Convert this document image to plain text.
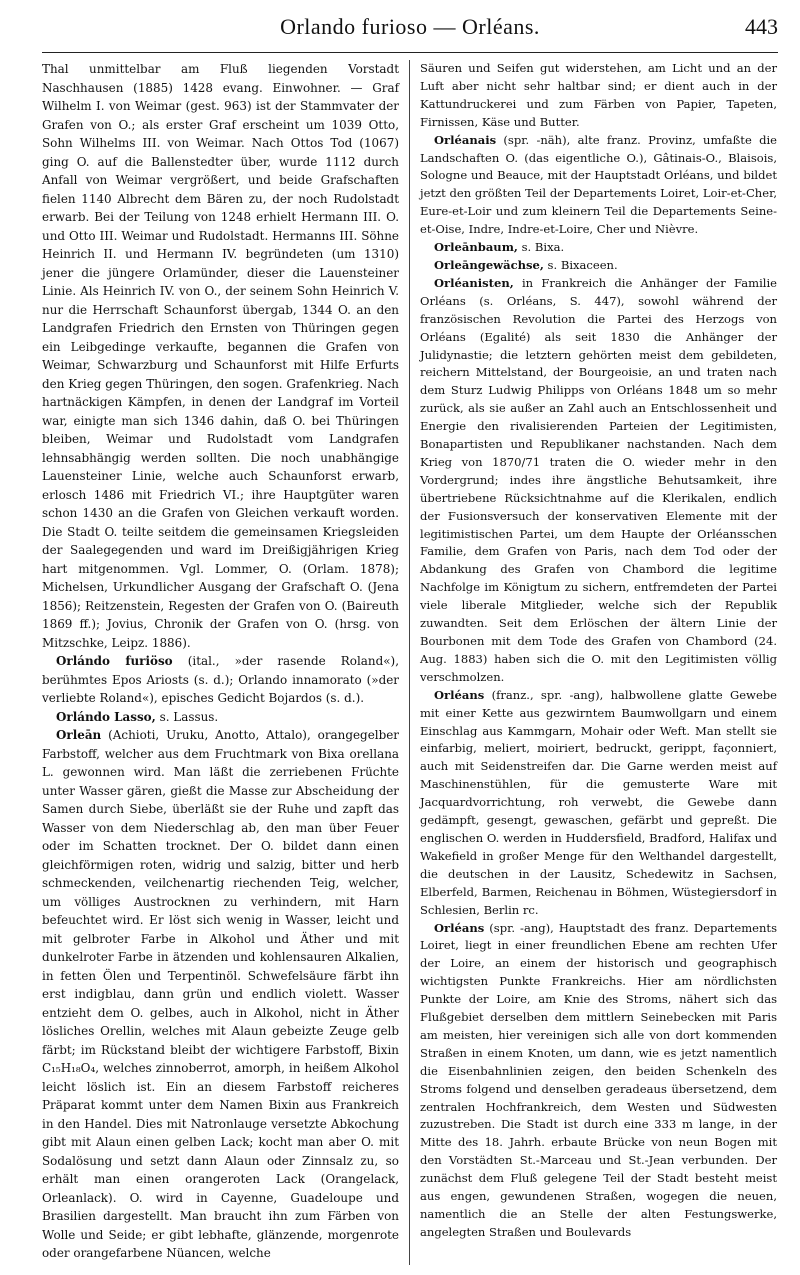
Orlando furioso — Orléans.	443

Thal unmittelbar am Fluß liegenden Vorstadt Naschhausen (1885) 1428 evang. Einwohner. — Graf Wilhelm I. von Weimar (gest. 963) ist der Stammvater der Grafen von O.; als erster Graf erscheint um 1039 Otto, Sohn Wilhelms III. von Weimar. Nach Ottos Tod (1067) ging O. auf die Ballenstedter über, wurde 1112 durch Anfall von Weimar vergrößert, und beide Grafschaften fielen 1140 Albrecht dem Bären zu, der noch Rudolstadt erwarb. Bei der Teilung von 1248 erhielt Hermann III. O. und Otto III. Weimar und Rudolstadt. Hermanns III. Söhne Heinrich II. und Hermann IV. begründeten (um 1310) jener die jüngere Orlamünder, dieser die Lauensteiner Linie. Als Heinrich IV. von O., der seinem Sohn Heinrich V. nur die Herrschaft Schaunforst übergab, 1344 O. an den Landgrafen Friedrich den Ernsten von Thüringen gegen ein Leibgedinge verkaufte, begannen die Grafen von Weimar, Schwarzburg und Schaunforst mit Hilfe Erfurts den Krieg gegen Thüringen, den sogen. Grafenkrieg. Nach hartnäckigen Kämpfen, in denen der Landgraf im Vorteil war, einigte man sich 1346 dahin, daß O. bei Thüringen bleiben, Weimar und Rudolstadt vom Landgrafen lehnsabhängig werden sollten. Die noch unabhängige Lauensteiner Linie, welche auch Schaunforst erwarb, erlosch 1486 mit Friedrich VI.; ihre Hauptgüter waren schon 1430 an die Grafen von Gleichen verkauft worden. Die Stadt O. teilte seitdem die gemeinsamen Kriegsleiden der Saalegegenden und ward im Dreißigjährigen Krieg hart mitgenommen. Vgl. Lommer, O. (Orlam. 1878); Michelsen, Urkundlicher Ausgang der Grafschaft O. (Jena 1856); Reitzenstein, Regesten der Grafen von O. (Baireuth 1869 ff.); Jovius, Chronik der Grafen von O. (hrsg. von Mitzschke, Leipz. 1886).

Orlándo furiöso (ital., »der rasende Roland«), berühmtes Epos Ariosts (s. d.); Orlando innamorato (»der verliebte Roland«), episches Gedicht Bojardos (s. d.).

Orlándo Lasso, s. Lassus.

Orleān (Achioti, Uruku, Anotto, Attalo), orangegelber Farbstoff, welcher aus dem Fruchtmark von Bixa orellana L. gewonnen wird. Man läßt die zerriebenen Früchte unter Wasser gären, gießt die Masse zur Abscheidung der Samen durch Siebe, überläßt sie der Ruhe und zapft das Wasser von dem Niederschlag ab, den man über Feuer oder im Schatten trocknet. Der O. bildet dann einen gleichförmigen roten, widrig und salzig, bitter und herb schmeckenden, veilchenartig riechenden Teig, welcher, um völliges Austrocknen zu verhindern, mit Harn befeuchtet wird. Er löst sich wenig in Wasser, leicht und mit gelbroter Farbe in Alkohol und Äther und mit dunkelroter Farbe in ätzenden und kohlensauren Alkalien, in fetten Ölen und Terpentinöl. Schwefelsäure färbt ihn erst indigblau, dann grün und endlich violett. Wasser entzieht dem O. gelbes, auch in Alkohol, nicht in Äther lösliches Orellin, welches mit Alaun gebeizte Zeuge gelb färbt; im Rückstand bleibt der wichtigere Farbstoff, Bixin C₁₅H₁₈O₄, welches zinnoberrot, amorph, in heißem Alkohol leicht löslich ist. Ein an diesem Farbstoff reicheres Präparat kommt unter dem Namen Bixin aus Frankreich in den Handel. Dies mit Natronlauge versetzte Abkochung gibt mit Alaun einen gelben Lack; kocht man aber O. mit Sodalösung und setzt dann Alaun oder Zinnsalz zu, so erhält man einen orangeroten Lack (Orangelack, Orleanlack). O. wird in Cayenne, Guadeloupe und Brasilien dargestellt. Man braucht ihn zum Färben von Wolle und Seide; er gibt lebhafte, glänzende, morgenrote oder orangefarbene Nüancen, welche

Säuren und Seifen gut widerstehen, am Licht und an der Luft aber nicht sehr haltbar sind; er dient auch in der Kattundruckerei und zum Färben von Papier, Tapeten, Firnissen, Käse und Butter.

Orléanais (spr. -näh), alte franz. Provinz, umfaßte die Landschaften O. (das eigentliche O.), Gâtinais-O., Blaisois, Sologne und Beauce, mit der Hauptstadt Orléans, und bildet jetzt den größten Teil der Departements Loiret, Loir-et-Cher, Eure-et-Loir und zum kleinern Teil die Departements Seine-et-Oise, Indre, Indre-et-Loire, Cher und Nièvre.

Orleānbaum, s. Bixa.

Orleāngewächse, s. Bixaceen.

Orléanisten, in Frankreich die Anhänger der Familie Orléans (s. Orléans, S. 447), sowohl während der französischen Revolution die Partei des Herzogs von Orléans (Egalité) als seit 1830 die Anhänger der Julidynastie; die letztern gehörten meist dem gebildeten, reichern Mittelstand, der Bourgeoisie, an und traten nach dem Sturz Ludwig Philipps von Orléans 1848 um so mehr zurück, als sie außer an Zahl auch an Entschlossenheit und Energie den rivalisierenden Parteien der Legitimisten, Bonapartisten und Republikaner nachstanden. Nach dem Krieg von 1870/71 traten die O. wieder mehr in den Vordergrund; indes ihre ängstliche Behutsamkeit, ihre übertriebene Rücksichtnahme auf die Klerikalen, endlich der Fusionsversuch der konservativen Elemente mit der legitimistischen Partei, um dem Haupte der Orléansschen Familie, dem Grafen von Paris, nach dem Tod oder der Abdankung des Grafen von Chambord die legitime Nachfolge im Königtum zu sichern, entfremdeten der Partei viele liberale Mitglieder, welche sich der Republik zuwandten. Seit dem Erlöschen der ältern Linie der Bourbonen mit dem Tode des Grafen von Chambord (24. Aug. 1883) haben sich die O. mit den Legitimisten völlig verschmolzen.

Orléans (franz., spr. -ang), halbwollene glatte Gewebe mit einer Kette aus gezwirntem Baumwollgarn und einem Einschlag aus Kammgarn, Mohair oder Weft. Man stellt sie einfarbig, meliert, moiriert, bedruckt, gerippt, façonniert, auch mit Seidenstreifen dar. Die Garne werden meist auf Maschinenstühlen, für die gemusterte Ware mit Jacquardvorrichtung, roh verwebt, die Gewebe dann gedämpft, gesengt, gewaschen, gefärbt und gepreßt. Die englischen O. werden in Huddersfield, Bradford, Halifax und Wakefield in großer Menge für den Welthandel dargestellt, die deutschen in der Lausitz, Schedewitz in Sachsen, Elberfeld, Barmen, Reichenau in Böhmen, Wüstegiersdorf in Schlesien, Berlin rc.

Orléans (spr. -ang), Hauptstadt des franz. Departements Loiret, liegt in einer freundlichen Ebene am rechten Ufer der Loire, an einem der historisch und geographisch wichtigsten Punkte Frankreichs. Hier am nördlichsten Punkte der Loire, am Knie des Stroms, nähert sich das Flußgebiet derselben dem mittlern Seinebecken mit Paris am meisten, hier vereinigen sich alle von dort kommenden Straßen in einem Knoten, um dann, wie es jetzt namentlich die Eisenbahnlinien zeigen, den beiden Schenkeln des Stroms folgend und denselben geradeaus übersetzend, dem zentralen Hochfrankreich, dem Westen und Südwesten zuzustreben. Die Stadt ist durch eine 333 m lange, in der Mitte des 18. Jahrh. erbaute Brücke von neun Bogen mit den Vorstädten St.-Marceau und St.-Jean verbunden. Der zunächst dem Fluß gelegene Teil der Stadt besteht meist aus engen, gewundenen Straßen, wogegen die neuen, namentlich die an Stelle der alten Festungswerke, angelegten Straßen und Boulevards
